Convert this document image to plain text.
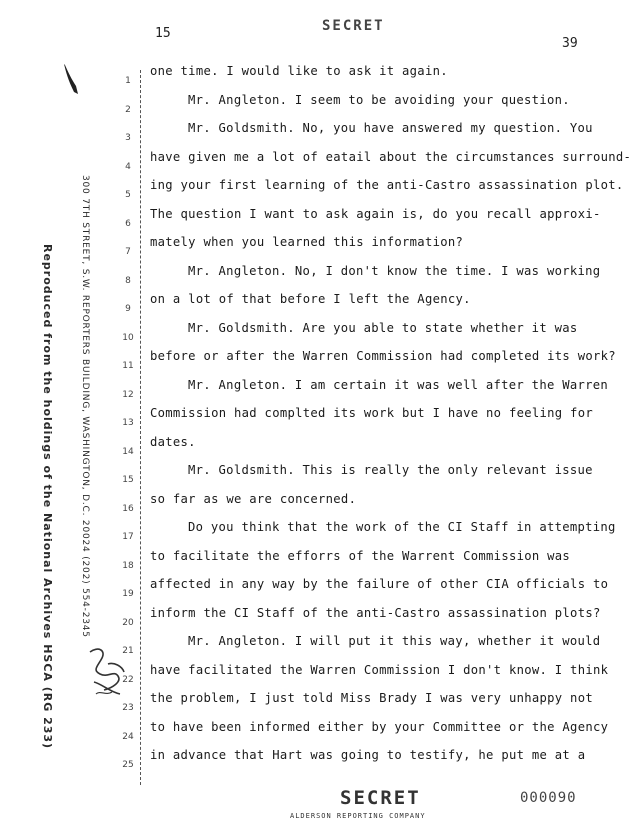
15	SECRET
39
Reproduced from the holdings of the National Archives HSCA (RG 233)	300 7TH STREET, S.W. REPORTERS BUILDING, WASHINGTON, D.C. 20024 (202) 554-2345
1
2
3
4
5
6
7
8
9
10
11
12
13
14
15
16
17
18
19
20
21
22
23
24
25
one time. I would like to ask it again.
Mr. Angleton. I seem to be avoiding your question.
Mr. Goldsmith. No, you have answered my question. You
have given me a lot of eatail about the circumstances surround-
ing your first learning of the anti-Castro assassination plot.
The question I want to ask again is, do you recall approxi-
mately when you learned this information?
Mr. Angleton. No, I don't know the time. I was working
on a lot of that before I left the Agency.
Mr. Goldsmith. Are you able to state whether it was
before or after the Warren Commission had completed its work?
Mr. Angleton. I am certain it was well after the Warren
Commission had complted its work but I have no feeling for
dates.
Mr. Goldsmith. This is really the only relevant issue
so far as we are concerned.
Do you think that the work of the CI Staff in attempting
to facilitate the efforrs of the Warrent Commission was
affected in any way by the failure of other CIA officials to
inform the CI Staff of the anti-Castro assassination plots?
Mr. Angleton. I will put it this way, whether it would
have facilitated the Warren Commission I don't know. I think
the problem, I just told Miss Brady I was very unhappy not
to have been informed either by your Committee or the Agency
in advance that Hart was going to testify, he put me at a
SECRET	000090
ALDERSON REPORTING COMPANY
